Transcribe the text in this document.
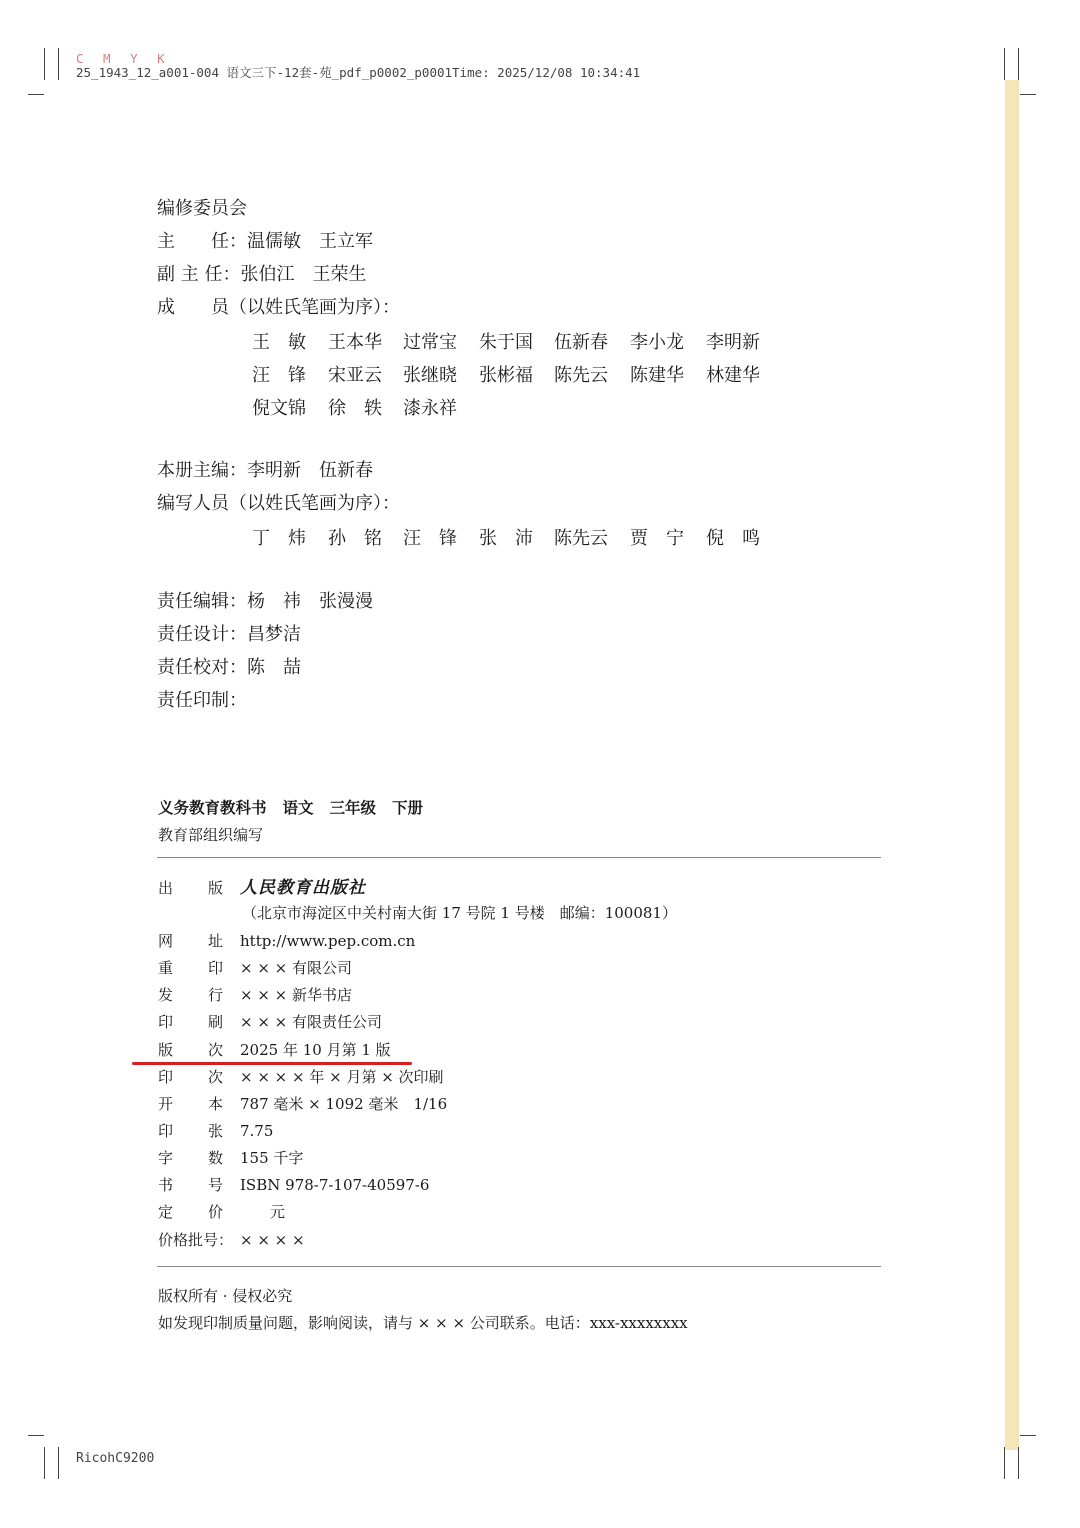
C M Y K
25_1943_12_a001-004 语文三下-12套-苑_pdf_p0002_p0001Time: 2025/12/08 10:34:41
编修委员会
主　　任：温儒敏　王立军
副 主 任：张伯江　王荣生
成　　员（以姓氏笔画为序）：
王　敏 王本华 过常宝 朱于国 伍新春 李小龙 李明新
汪　锋 宋亚云 张继晓 张彬福 陈先云 陈建华 林建华
倪文锦 徐　轶 漆永祥
本册主编：李明新　伍新春
编写人员（以姓氏笔画为序）：
丁　炜 孙　铭 汪　锋 张　沛 陈先云 贾　宁 倪　鸣
责任编辑：杨　祎　张漫漫
责任设计：昌梦洁
责任校对：陈　喆
责任印制：
义务教育教科书 语文 三年级 下册
教育部组织编写
出 版 人民教育出版社
（北京市海淀区中关村南大街 17 号院 1 号楼　邮编：100081）
网 址 http://www.pep.com.cn
重 印 × × × 有限公司
发 行 × × × 新华书店
印 刷 × × × 有限责任公司
版 次 2025 年 10 月第 1 版
印 次 × × × × 年 × 月第 × 次印刷
开 本 787 毫米 × 1092 毫米　1/16
印 张 7.75
字 数 155 千字
书 号 ISBN 978-7-107-40597-6
定 价 　　元
价格批号： × × × ×
版权所有 · 侵权必究
如发现印制质量问题，影响阅读，请与 × × × 公司联系。电话：xxx-xxxxxxxx
RicohC9200
